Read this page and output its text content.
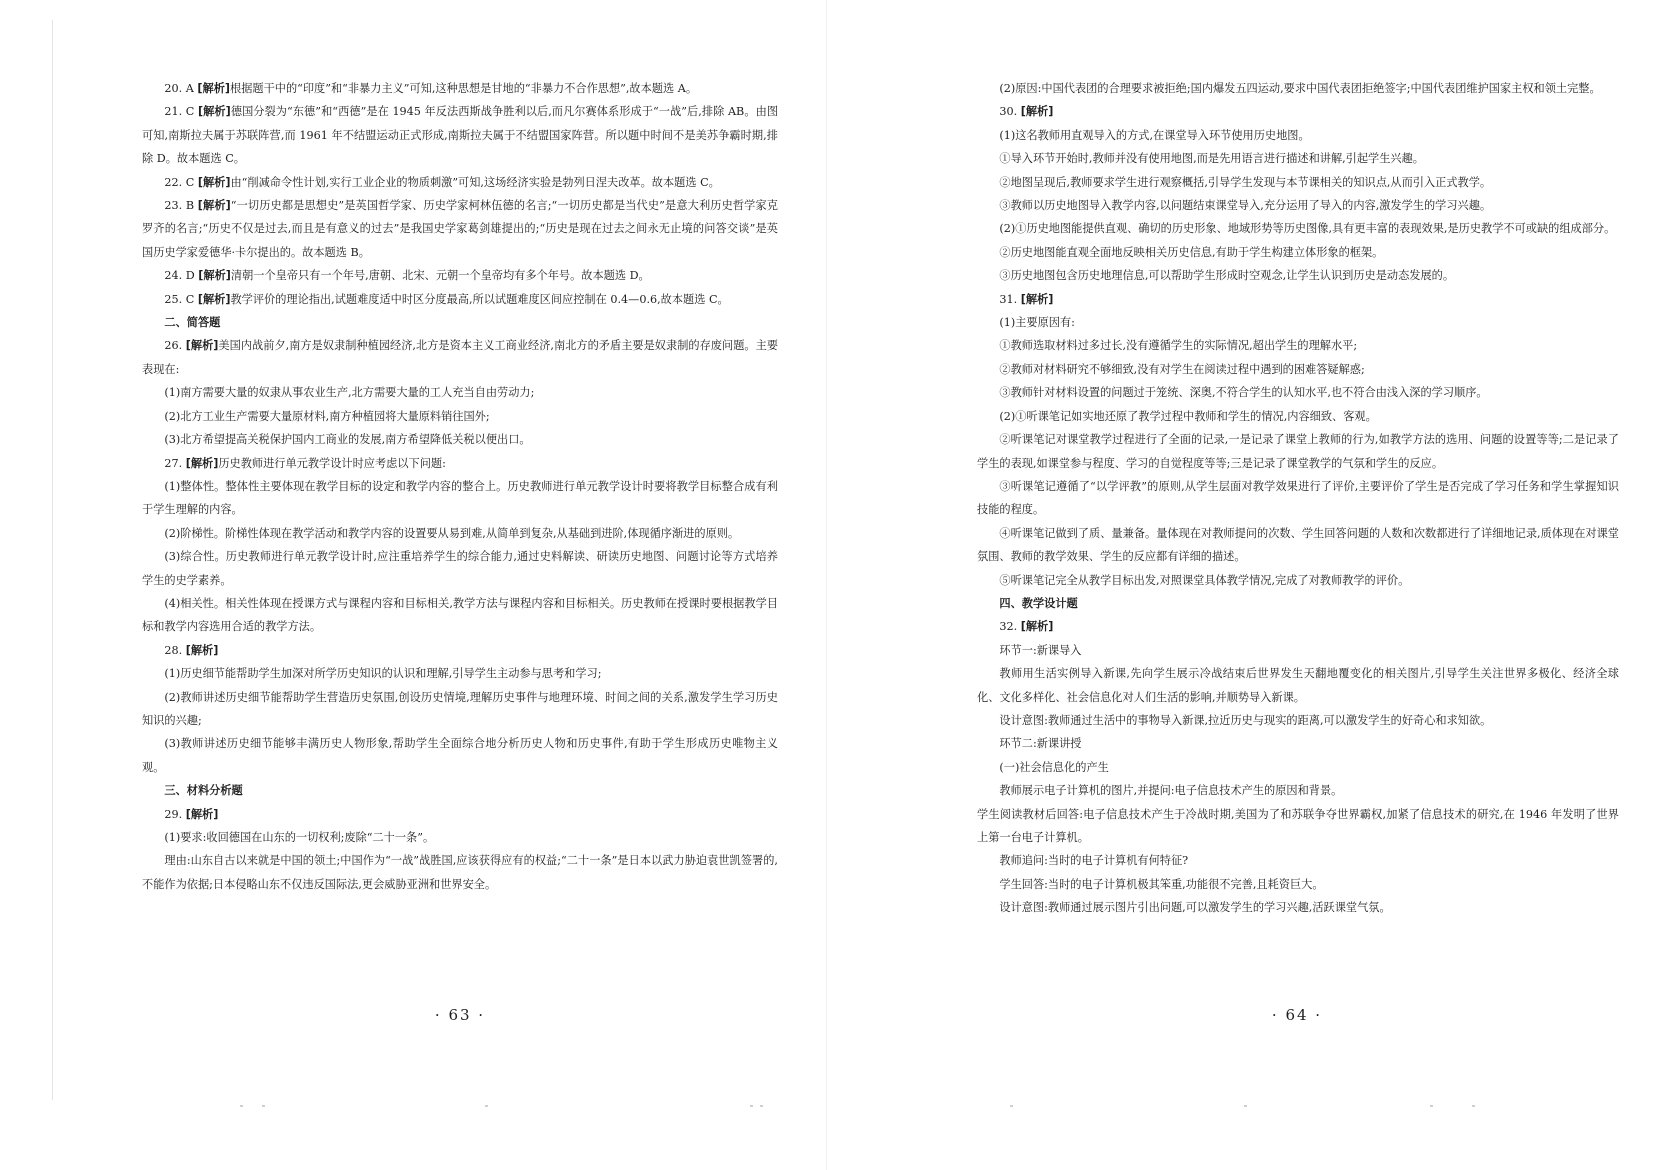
20. A [解析]根据题干中的“印度”和“非暴力主义”可知,这种思想是甘地的“非暴力不合作思想”,故本题选 A。

21. C [解析]德国分裂为“东德”和“西德”是在 1945 年反法西斯战争胜利以后,而凡尔赛体系形成于“一战”后,排除 AB。由图可知,南斯拉夫属于苏联阵营,而 1961 年不结盟运动正式形成,南斯拉夫属于不结盟国家阵营。所以题中时间不是美苏争霸时期,排除 D。故本题选 C。

22. C [解析]由“削减命令性计划,实行工业企业的物质刺激”可知,这场经济实验是勃列日涅夫改革。故本题选 C。

23. B [解析]“一切历史都是思想史”是英国哲学家、历史学家柯林伍德的名言;“一切历史都是当代史”是意大利历史哲学家克罗齐的名言;“历史不仅是过去,而且是有意义的过去”是我国史学家葛剑雄提出的;“历史是现在过去之间永无止境的问答交谈”是英国历史学家爱德华·卡尔提出的。故本题选 B。

24. D [解析]清朝一个皇帝只有一个年号,唐朝、北宋、元朝一个皇帝均有多个年号。故本题选 D。

25. C [解析]教学评价的理论指出,试题难度适中时区分度最高,所以试题难度区间应控制在 0.4—0.6,故本题选 C。

二、简答题

26. [解析]美国内战前夕,南方是奴隶制种植园经济,北方是资本主义工商业经济,南北方的矛盾主要是奴隶制的存废问题。主要表现在:

(1)南方需要大量的奴隶从事农业生产,北方需要大量的工人充当自由劳动力;

(2)北方工业生产需要大量原材料,南方种植园将大量原料销往国外;

(3)北方希望提高关税保护国内工商业的发展,南方希望降低关税以便出口。

27. [解析]历史教师进行单元教学设计时应考虑以下问题:

(1)整体性。整体性主要体现在教学目标的设定和教学内容的整合上。历史教师进行单元教学设计时要将教学目标整合成有利于学生理解的内容。

(2)阶梯性。阶梯性体现在教学活动和教学内容的设置要从易到难,从简单到复杂,从基础到进阶,体现循序渐进的原则。

(3)综合性。历史教师进行单元教学设计时,应注重培养学生的综合能力,通过史料解读、研读历史地图、问题讨论等方式培养学生的史学素养。

(4)相关性。相关性体现在授课方式与课程内容和目标相关,教学方法与课程内容和目标相关。历史教师在授课时要根据教学目标和教学内容选用合适的教学方法。

28. [解析]

(1)历史细节能帮助学生加深对所学历史知识的认识和理解,引导学生主动参与思考和学习;

(2)教师讲述历史细节能帮助学生营造历史氛围,创设历史情境,理解历史事件与地理环境、时间之间的关系,激发学生学习历史知识的兴趣;

(3)教师讲述历史细节能够丰满历史人物形象,帮助学生全面综合地分析历史人物和历史事件,有助于学生形成历史唯物主义观。

三、材料分析题

29. [解析]

(1)要求:收回德国在山东的一切权利;废除“二十一条”。

理由:山东自古以来就是中国的领土;中国作为“一战”战胜国,应该获得应有的权益;“二十一条”是日本以武力胁迫袁世凯签署的,不能作为依据;日本侵略山东不仅违反国际法,更会威胁亚洲和世界安全。

· 63 ·

(2)原因:中国代表团的合理要求被拒绝;国内爆发五四运动,要求中国代表团拒绝签字;中国代表团维护国家主权和领土完整。

30. [解析]

(1)这名教师用直观导入的方式,在课堂导入环节使用历史地图。

①导入环节开始时,教师并没有使用地图,而是先用语言进行描述和讲解,引起学生兴趣。

②地图呈现后,教师要求学生进行观察概括,引导学生发现与本节课相关的知识点,从而引入正式教学。

③教师以历史地图导入教学内容,以问题结束课堂导入,充分运用了导入的内容,激发学生的学习兴趣。

(2)①历史地图能提供直观、确切的历史形象、地域形势等历史图像,具有更丰富的表现效果,是历史教学不可或缺的组成部分。

②历史地图能直观全面地反映相关历史信息,有助于学生构建立体形象的框架。

③历史地图包含历史地理信息,可以帮助学生形成时空观念,让学生认识到历史是动态发展的。

31. [解析]

(1)主要原因有:

①教师选取材料过多过长,没有遵循学生的实际情况,超出学生的理解水平;

②教师对材料研究不够细致,没有对学生在阅读过程中遇到的困难答疑解惑;

③教师针对材料设置的问题过于笼统、深奥,不符合学生的认知水平,也不符合由浅入深的学习顺序。

(2)①听课笔记如实地还原了教学过程中教师和学生的情况,内容细致、客观。

②听课笔记对课堂教学过程进行了全面的记录,一是记录了课堂上教师的行为,如教学方法的选用、问题的设置等等;二是记录了学生的表现,如课堂参与程度、学习的自觉程度等等;三是记录了课堂教学的气氛和学生的反应。

③听课笔记遵循了“以学评教”的原则,从学生层面对教学效果进行了评价,主要评价了学生是否完成了学习任务和学生掌握知识技能的程度。

④听课笔记做到了质、量兼备。量体现在对教师提问的次数、学生回答问题的人数和次数都进行了详细地记录,质体现在对课堂氛围、教师的教学效果、学生的反应都有详细的描述。

⑤听课笔记完全从教学目标出发,对照课堂具体教学情况,完成了对教师教学的评价。

四、教学设计题

32. [解析]

环节一:新课导入

教师用生活实例导入新课,先向学生展示冷战结束后世界发生天翻地覆变化的相关图片,引导学生关注世界多极化、经济全球化、文化多样化、社会信息化对人们生活的影响,并顺势导入新课。

设计意图:教师通过生活中的事物导入新课,拉近历史与现实的距离,可以激发学生的好奇心和求知欲。

环节二:新课讲授

(一)社会信息化的产生

教师展示电子计算机的图片,并提问:电子信息技术产生的原因和背景。

学生阅读教材后回答:电子信息技术产生于冷战时期,美国为了和苏联争夺世界霸权,加紧了信息技术的研究,在 1946 年发明了世界上第一台电子计算机。

教师追问:当时的电子计算机有何特征?

学生回答:当时的电子计算机极其笨重,功能很不完善,且耗资巨大。

设计意图:教师通过展示图片引出问题,可以激发学生的学习兴趣,活跃课堂气氛。

· 64 ·
